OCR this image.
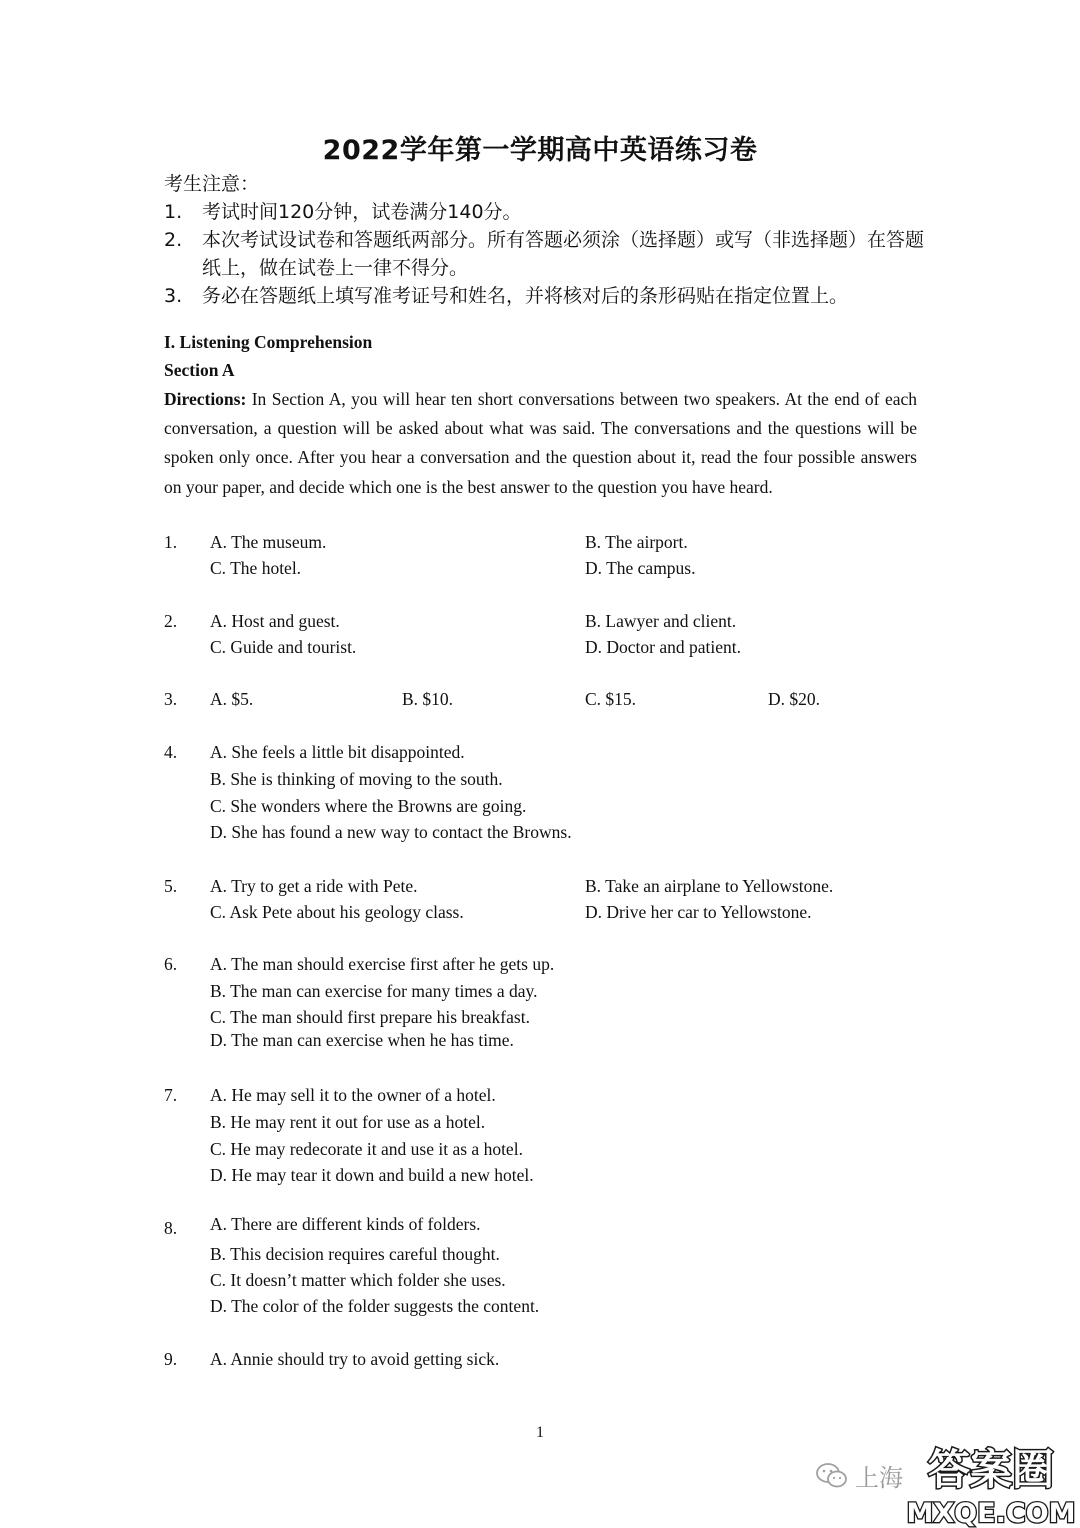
2022学年第一学期高中英语练习卷
考生注意：
1.	考试时间120分钟，试卷满分140分。
2.	本次考试设试卷和答题纸两部分。所有答题必须涂（选择题）或写（非选择题）在答题纸上，做在试卷上一律不得分。
3.	务必在答题纸上填写准考证号和姓名，并将核对后的条形码贴在指定位置上。
I. Listening Comprehension
Section A
Directions: In Section A, you will hear ten short conversations between two speakers. At the end of each conversation, a question will be asked about what was said. The conversations and the questions will be spoken only once. After you hear a conversation and the question about it, read the four possible answers on your paper, and decide which one is the best answer to the question you have heard.
1. A. The museum.	B. The airport.
C. The hotel.	D. The campus.
2. A. Host and guest.	B. Lawyer and client.
C. Guide and tourist.	D. Doctor and patient.
3. A. $5.	B. $10.	C. $15.	D. $20.
4. A. She feels a little bit disappointed.
B. She is thinking of moving to the south.
C. She wonders where the Browns are going.
D. She has found a new way to contact the Browns.
5. A. Try to get a ride with Pete.	B. Take an airplane to Yellowstone.
C. Ask Pete about his geology class.	D. Drive her car to Yellowstone.
6. A. The man should exercise first after he gets up.
B. The man can exercise for many times a day.
C. The man should first prepare his breakfast.
D. The man can exercise when he has time.
7. A. He may sell it to the owner of a hotel.
B. He may rent it out for use as a hotel.
C. He may redecorate it and use it as a hotel.
D. He may tear it down and build a new hotel.
8. A. There are different kinds of folders.
B. This decision requires careful thought.
C. It doesn’t matter which folder she uses.
D. The color of the folder suggests the content.
9. A. Annie should try to avoid getting sick.
1
上海 答案圈
MXQE.COM
